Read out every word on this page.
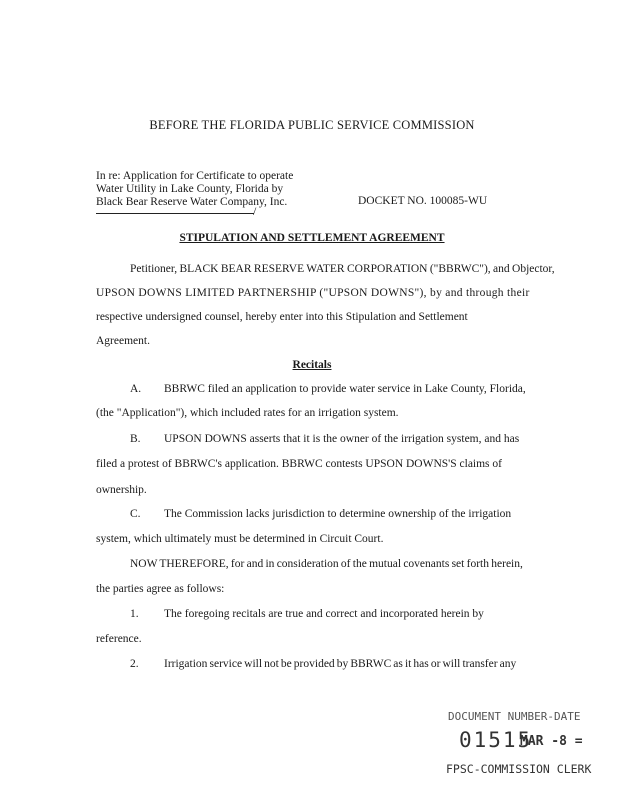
BEFORE THE FLORIDA PUBLIC SERVICE COMMISSION
In re: Application for Certificate to operate
Water Utility in Lake County, Florida by
Black Bear Reserve Water Company, Inc.
/
DOCKET NO. 100085-WU
STIPULATION AND SETTLEMENT AGREEMENT
Petitioner, BLACK BEAR RESERVE WATER CORPORATION ("BBRWC"), and Objector,
UPSON DOWNS LIMITED PARTNERSHIP ("UPSON DOWNS"), by and through their
respective undersigned counsel, hereby enter into this Stipulation and Settlement
Agreement.
Recitals
A. BBRWC filed an application to provide water service in Lake County, Florida,
(the "Application"), which included rates for an irrigation system.
B. UPSON DOWNS asserts that it is the owner of the irrigation system, and has
filed a protest of BBRWC's application. BBRWC contests UPSON DOWNS'S claims of
ownership.
C. The Commission lacks jurisdiction to determine ownership of the irrigation
system, which ultimately must be determined in Circuit Court.
NOW THEREFORE, for and in consideration of the mutual covenants set forth herein,
the parties agree as follows:
1. The foregoing recitals are true and correct and incorporated herein by
reference.
2. Irrigation service will not be provided by BBRWC as it has or will transfer any
DOCUMENT NUMBER-DATE
01515
MAR -8 =
FPSC-COMMISSION CLERK
